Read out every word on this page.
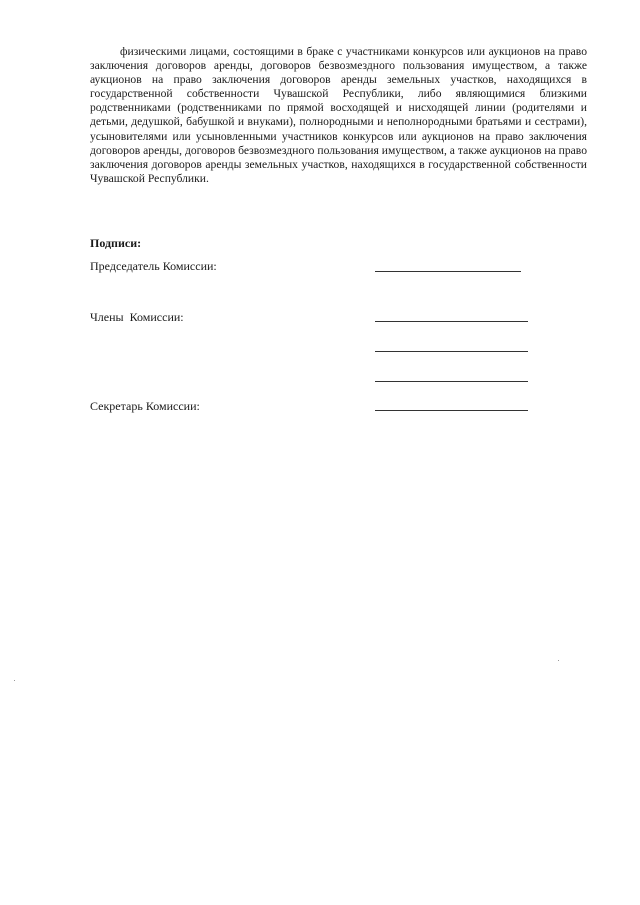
физическими лицами, состоящими в браке с участниками конкурсов или аукционов на право заключения договоров аренды, договоров безвозмездного пользования имуществом, а также аукционов на право заключения договоров аренды земельных участков, находящихся в государственной собственности Чувашской Республики, либо являющимися близкими родственниками (родственниками по прямой восходящей и нисходящей линии (родителями и детьми, дедушкой, бабушкой и внуками), полнородными и неполнородными братьями и сестрами), усыновителями или усыновленными участников конкурсов или аукционов на право заключения договоров аренды, договоров безвозмездного пользования имуществом, а также аукционов на право заключения договоров аренды земельных участков, находящихся в государственной собственности Чувашской Республики.

Подписи:

Председатель Комиссии:

Члены  Комиссии:

Секретарь Комиссии:
